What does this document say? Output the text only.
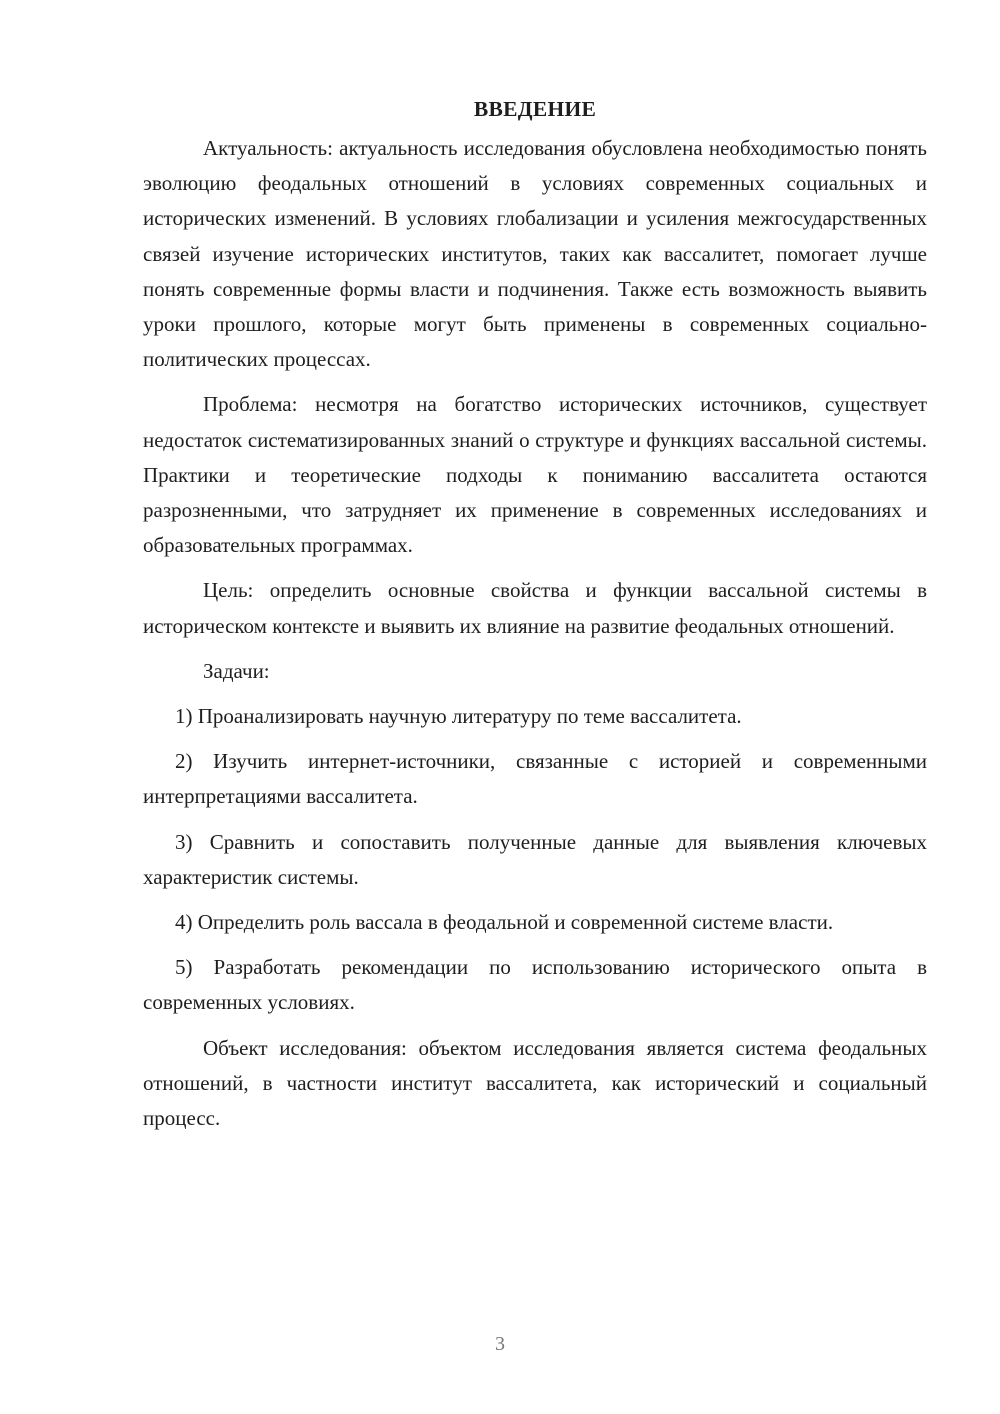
ВВЕДЕНИЕ

Актуальность: актуальность исследования обусловлена необходимостью понять эволюцию феодальных отношений в условиях современных социальных и исторических изменений. В условиях глобализации и усиления межгосударственных связей изучение исторических институтов, таких как вассалитет, помогает лучше понять современные формы власти и подчинения. Также есть возможность выявить уроки прошлого, которые могут быть применены в современных социально-политических процессах.

Проблема: несмотря на богатство исторических источников, существует недостаток систематизированных знаний о структуре и функциях вассальной системы. Практики и теоретические подходы к пониманию вассалитета остаются разрозненными, что затрудняет их применение в современных исследованиях и образовательных программах.

Цель: определить основные свойства и функции вассальной системы в историческом контексте и выявить их влияние на развитие феодальных отношений.

Задачи:

1) Проанализировать научную литературу по теме вассалитета.

2) Изучить интернет-источники, связанные с историей и современными интерпретациями вассалитета.

3) Сравнить и сопоставить полученные данные для выявления ключевых характеристик системы.

4) Определить роль вассала в феодальной и современной системе власти.

5) Разработать рекомендации по использованию исторического опыта в современных условиях.

Объект исследования: объектом исследования является система феодальных отношений, в частности институт вассалитета, как исторический и социальный процесс.

3
